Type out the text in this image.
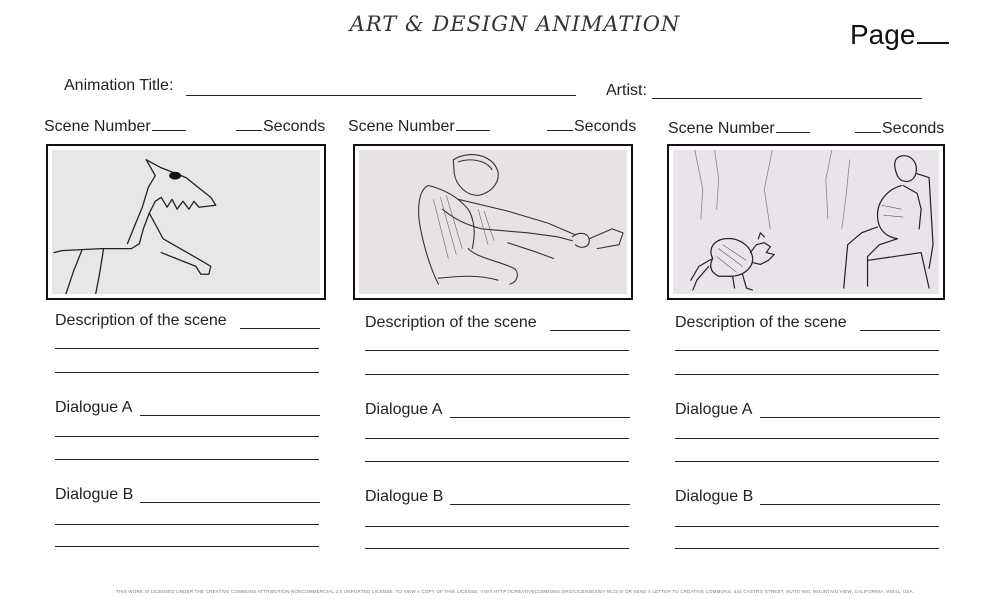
ART & DESIGN ANIMATION	Page
Animation Title:	Artist:
Scene Number	Seconds
Description of the scene
Dialogue A
Dialogue B
Scene Number	Seconds
Description of the scene
Dialogue A
Dialogue B
Scene Number	Seconds
Description of the scene
Dialogue A
Dialogue B
THIS WORK IS LICENSED UNDER THE CREATIVE COMMONS ATTRIBUTION-NONCOMMERCIAL 3.0 UNPORTED LICENSE. TO VIEW A COPY OF THIS LICENSE, VISIT HTTP://CREATIVECOMMONS.ORG/LICENSES/BY-NC/3.0/ OR SEND A LETTER TO CREATIVE COMMONS, 444 CASTRO STREET, SUITE 900, MOUNTAIN VIEW, CALIFORNIA, 94041, USA.
